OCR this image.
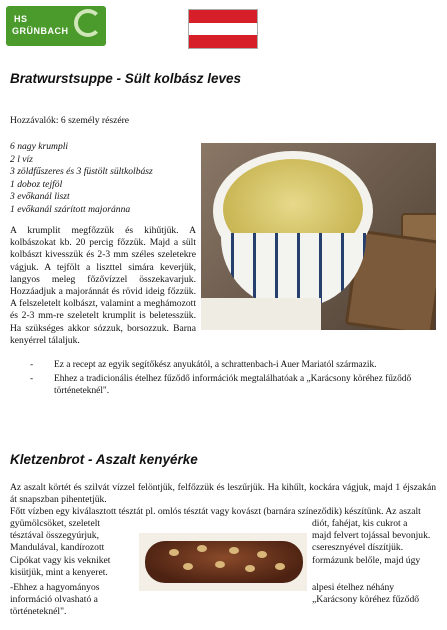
HS
GRÜNBACH
Bratwurstsuppe - Sült kolbász leves
Hozzávalók: 6 személy részére
6 nagy krumpli
2 l víz
3 zöldfűszeres és 3 füstölt sültkolbász
1 doboz tejföl
3 evőkanál liszt
1 evőkanál szárított majoránna
A krumplit megfőzzük és kihűtjük. A kolbászokat kb. 20 percig főzzük. Majd a sült kolbászt kivesszük és 2-3 mm széles szeletekre vágjuk. A tejfölt a liszttel simára keverjük, langyos meleg főzővízzel összekavarjuk. Hozzáadjuk a majoránnát és rövid ideig főzzük. A felszeletelt kolbászt, valamint a meghámozott és 2-3 mm-re szeletelt krumplit is beletesszük. Ha szükséges akkor sózzuk, borsozzuk. Barna kenyérrel tálaljuk.
- Ez a recept az egyik segítőkész anyukától, a schrattenbach-i Auer Mariatól származik.
- Ehhez a tradicionális ételhez fűződő információk megtalálhatóak a „Karácsony köréhez fűződő történeteknél".
Kletzenbrot - Aszalt kenyérke
Az aszalt körtét és szilvát vízzel felöntjük, felfőzzük és leszűrjük. Ha kihűlt, kockára vágjuk, majd 1 éjszakán át snapszban pihentetjük.
Főtt vízben egy kiválasztott tésztát pl. omlós tésztát vagy kovászt (barnára színeződik) készítünk. Az aszalt
gyümölcsöket, szeletelt
tésztával összegyúrjuk,
Mandulával, kandírozott
Cipókat vagy kis vekniket
kisütjük, mint a kenyeret.
diót, fahéjat, kis cukrot a
majd felvert tojással bevonjuk.
cseresznyével díszítjük.
formázunk belőle, majd úgy
-Ehhez a hagyományos
információ olvasható a
történeteknél".
alpesi ételhez néhány
„Karácsony köréhez fűződő
